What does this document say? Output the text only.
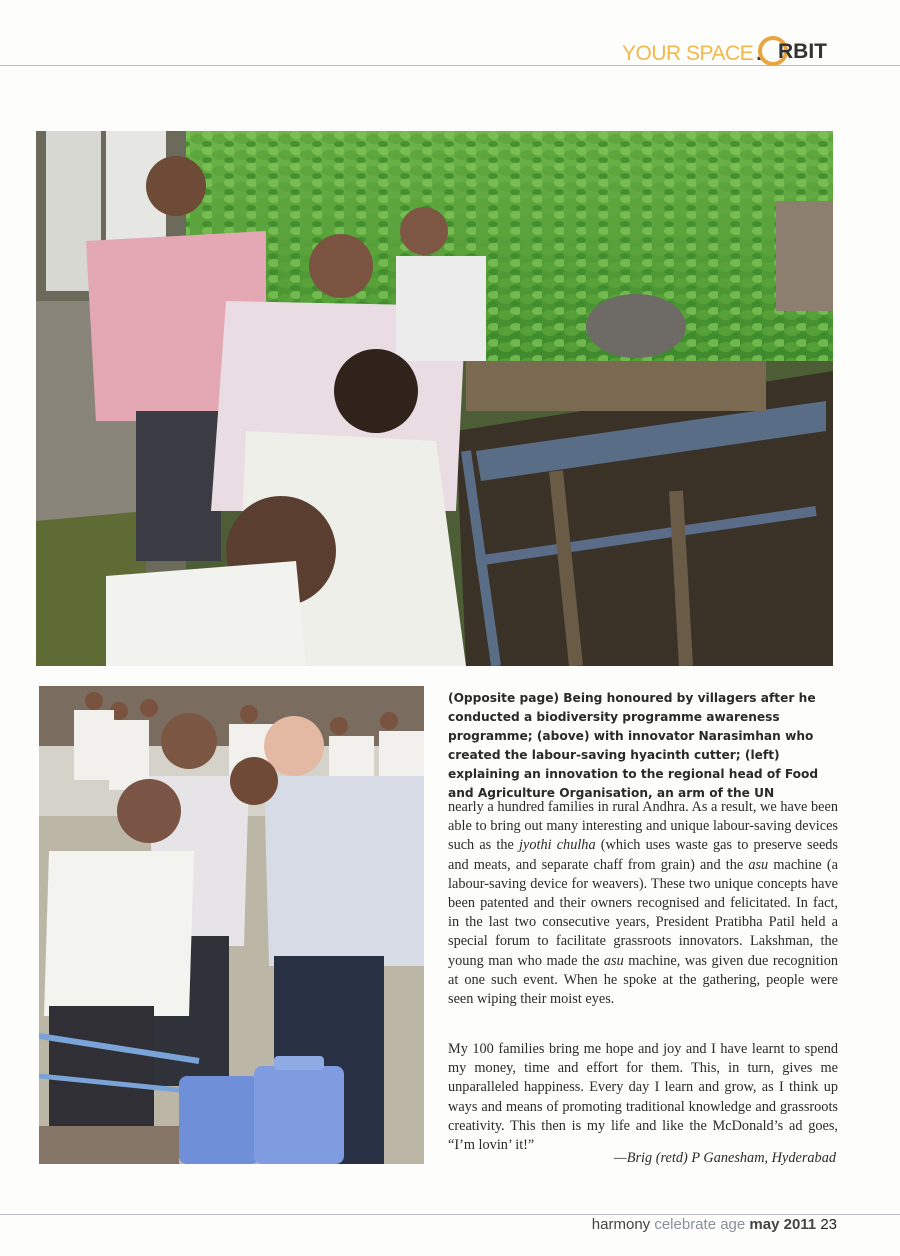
YOUR SPACE . RBIT

(Opposite page) Being honoured by villagers after he conducted a biodiversity programme awareness programme; (above) with innovator Narasimhan who created the labour-saving hyacinth cutter; (left) explaining an innovation to the regional head of Food and Agriculture Organisation, an arm of the UN

nearly a hundred families in rural Andhra. As a result, we have been able to bring out many interesting and unique labour-saving devices such as the jyothi chulha (which uses waste gas to preserve seeds and meats, and separate chaff from grain) and the asu machine (a labour-saving device for weavers). These two unique concepts have been patented and their owners recognised and felicitated. In fact, in the last two consecutive years, President Pratibha Patil held a special forum to facilitate grassroots innovators. Lakshman, the young man who made the asu machine, was given due recognition at one such event. When he spoke at the gathering, people were seen wiping their moist eyes.

My 100 families bring me hope and joy and I have learnt to spend my money, time and effort for them. This, in turn, gives me unparalleled happiness. Every day I learn and grow, as I think up ways and means of promoting traditional knowledge and grassroots creativity. This then is my life and like the McDonald’s ad goes, “I’m lovin’ it!”

—Brig (retd) P Ganesham, Hyderabad

harmony celebrate age may 2011 23
